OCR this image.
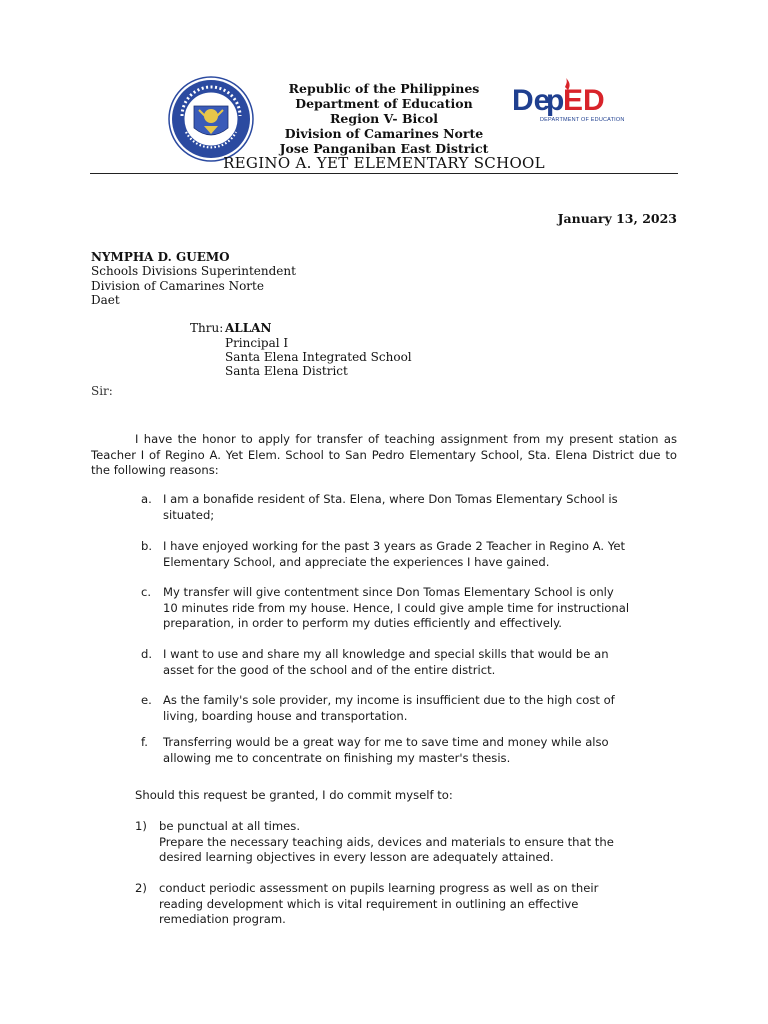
De
p
ED
DEPARTMENT OF EDUCATION
Republic of the Philippines
Department of Education
Region V- Bicol
Division of Camarines Norte
Jose Panganiban East District
REGINO A. YET ELEMENTARY SCHOOL
January 13, 2023
NYMPHA D. GUEMO
Schools Divisions Superintendent
Division of Camarines Norte
Daet
Thru: ALLAN
Principal I
Santa Elena Integrated School
Santa Elena District
Sir:
I have the honor to apply for transfer of teaching assignment from my present station as Teacher I of Regino A. Yet Elem. School to San Pedro Elementary School, Sta. Elena District due to the following reasons:
a. I am a bonafide resident of Sta. Elena, where Don Tomas Elementary School is
situated;
b. I have enjoyed working for the past 3 years as Grade 2 Teacher in Regino A. Yet
Elementary School, and appreciate the experiences I have gained.
c. My transfer will give contentment since Don Tomas Elementary School is only
10 minutes ride from my house. Hence, I could give ample time for instructional
preparation, in order to perform my duties efficiently and effectively.
d. I want to use and share my all knowledge and special skills that would be an
asset for the good of the school and of the entire district.
e. As the family's sole provider, my income is insufficient due to the high cost of
living, boarding house and transportation.
f. Transferring would be a great way for me to save time and money while also
allowing me to concentrate on finishing my master's thesis.
Should this request be granted, I do commit myself to:
1) be punctual at all times.
Prepare the necessary teaching aids, devices and materials to ensure that the
desired learning objectives in every lesson are adequately attained.
2) conduct periodic assessment on pupils learning progress as well as on their
reading development which is vital requirement in outlining an effective
remediation program.
